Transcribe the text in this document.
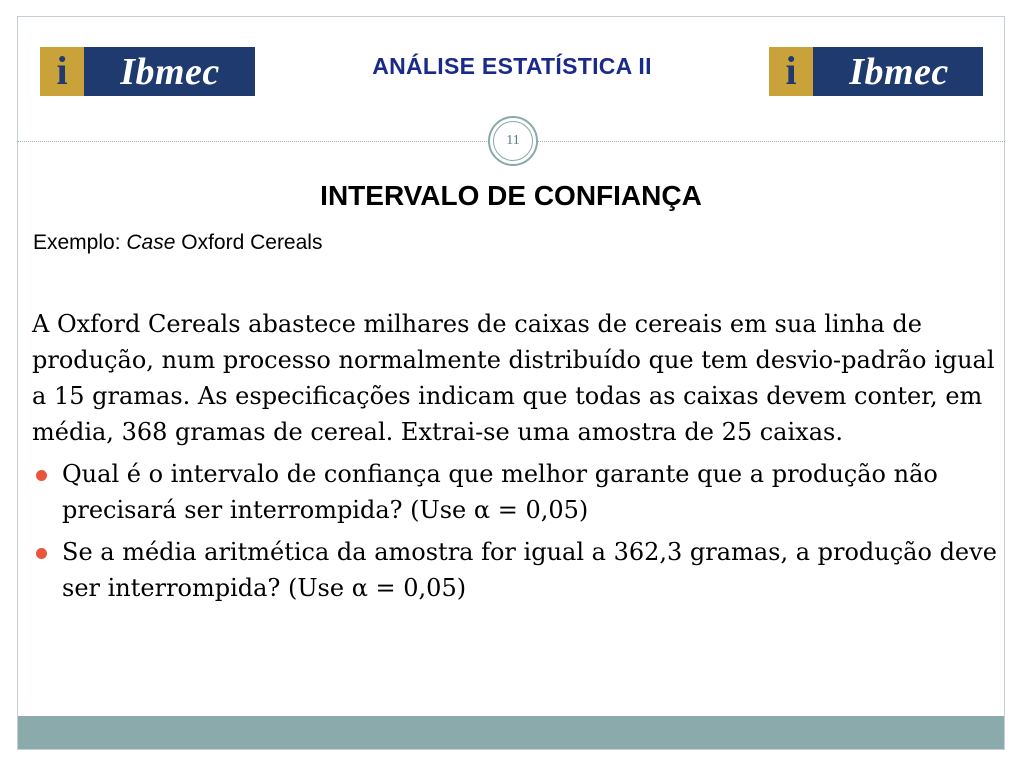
i	Ibmec	ANÁLISE ESTATÍSTICA II	i	Ibmec
11
INTERVALO DE CONFIANÇA
Exemplo: Case Oxford Cereals

A Oxford Cereals abastece milhares de caixas de cereais em sua linha de produção, num processo normalmente distribuído que tem desvio-padrão igual a 15 gramas. As especificações indicam que todas as caixas devem conter, em média, 368 gramas de cereal. Extrai-se uma amostra de 25 caixas.

Qual é o intervalo de confiança que melhor garante que a produção não precisará ser interrompida? (Use α = 0,05)
Se a média aritmética da amostra for igual a 362,3 gramas, a produção deve ser interrompida? (Use α = 0,05)
